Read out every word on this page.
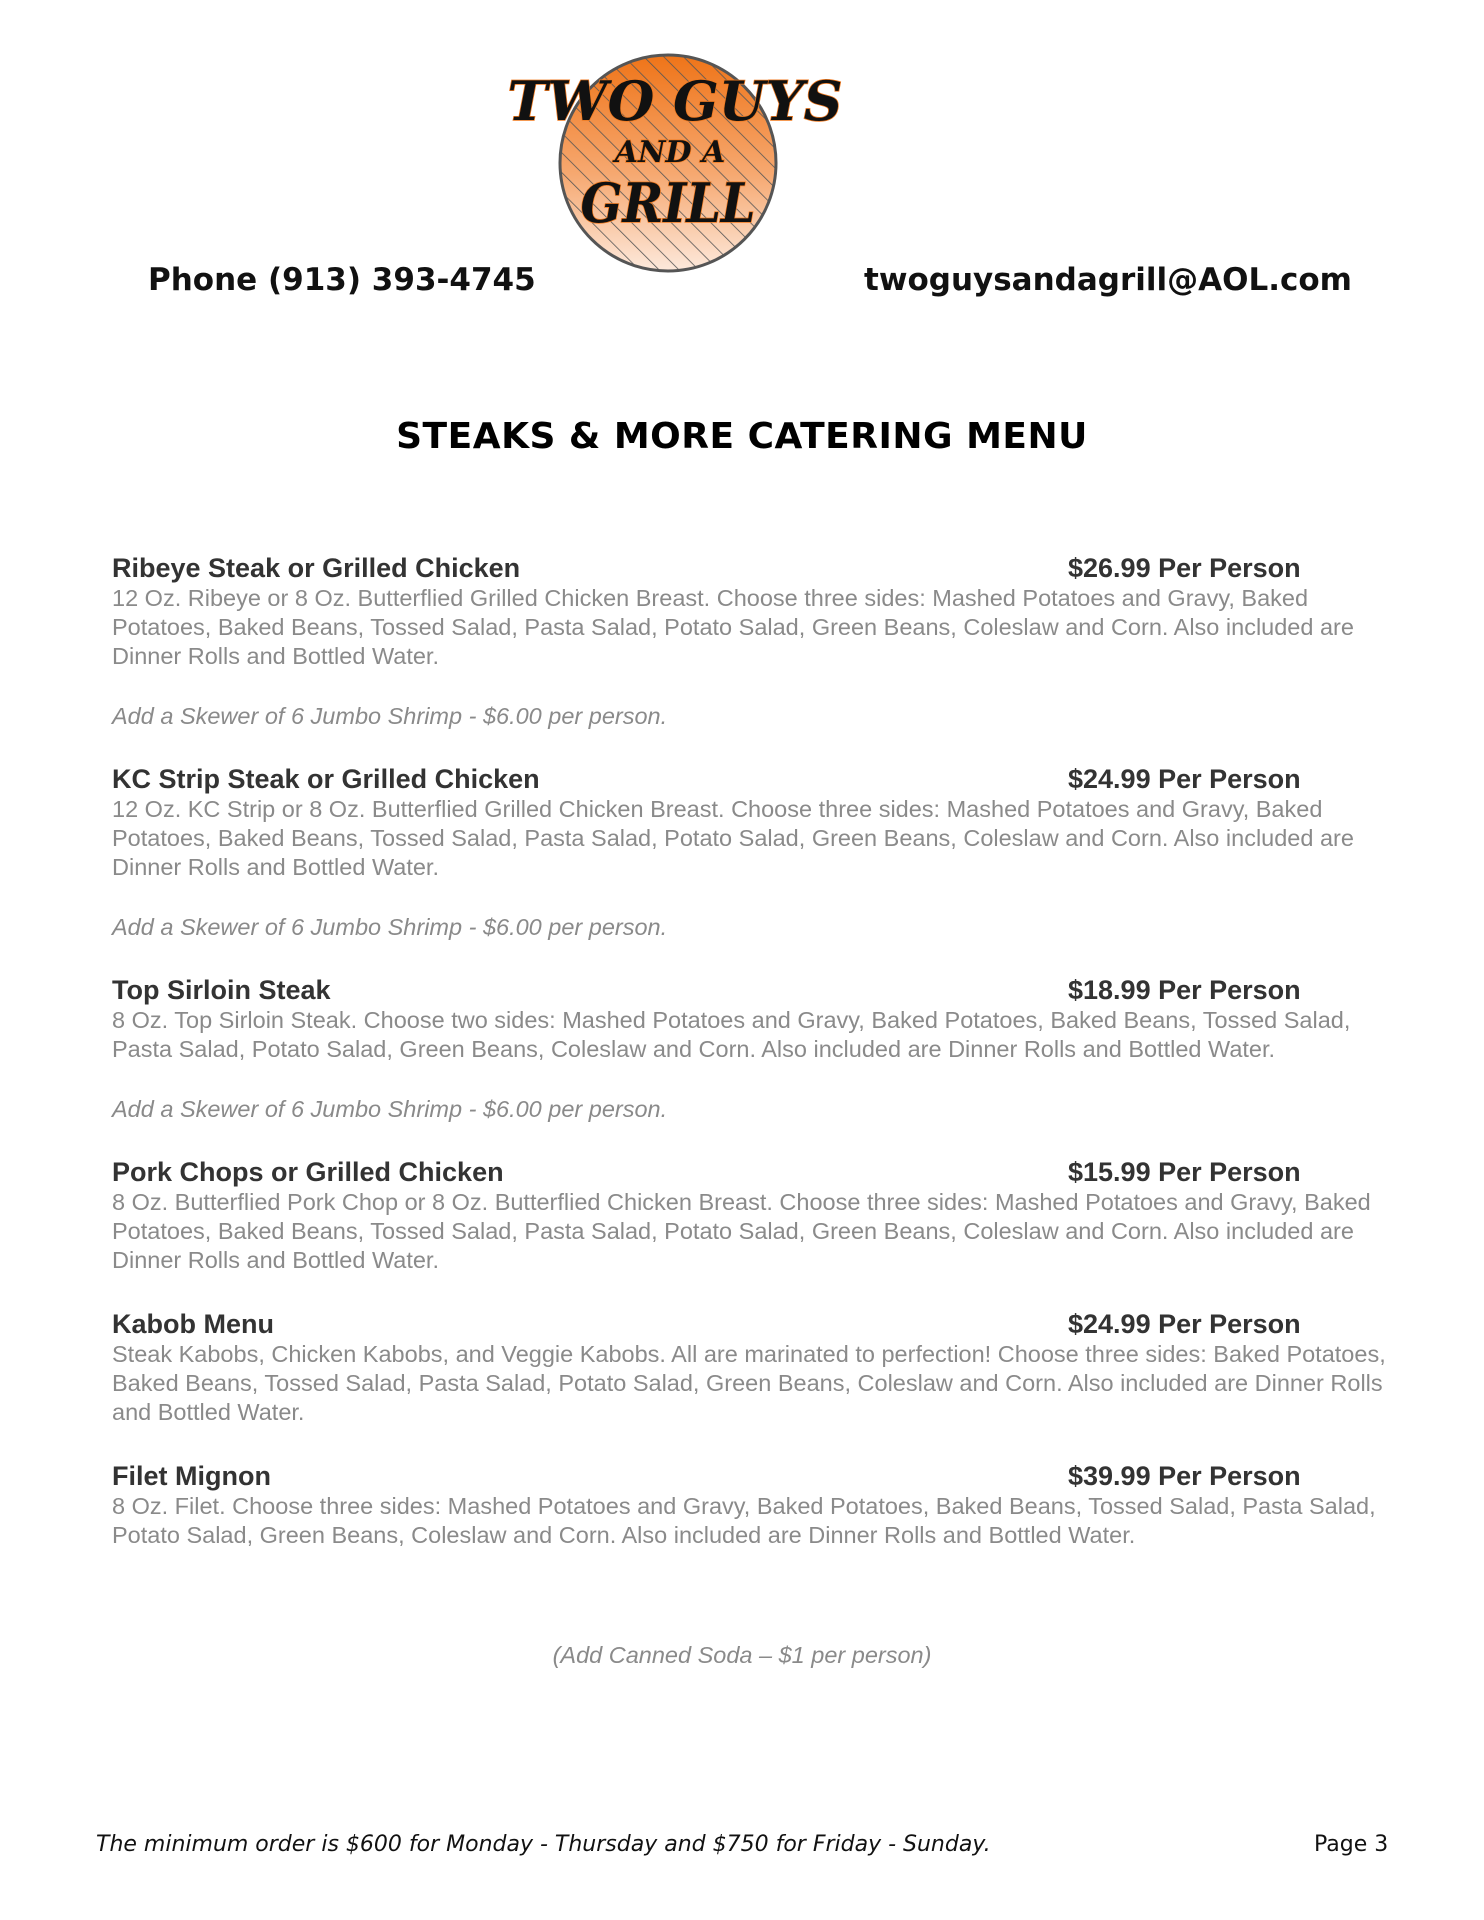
TWO GUYS
AND A
GRILL
Phone (913) 393-4745	twoguysandagrill@AOL.com
STEAKS & MORE CATERING MENU
Ribeye Steak or Grilled Chicken	$26.99 Per Person
12 Oz. Ribeye or 8 Oz. Butterflied Grilled Chicken Breast. Choose three sides: Mashed Potatoes and Gravy, Baked Potatoes, Baked Beans, Tossed Salad, Pasta Salad, Potato Salad, Green Beans, Coleslaw and Corn. Also included are Dinner Rolls and Bottled Water.
Add a Skewer of 6 Jumbo Shrimp - $6.00 per person.
KC Strip Steak or Grilled Chicken	$24.99 Per Person
12 Oz. KC Strip or 8 Oz. Butterflied Grilled Chicken Breast. Choose three sides: Mashed Potatoes and Gravy, Baked Potatoes, Baked Beans, Tossed Salad, Pasta Salad, Potato Salad, Green Beans, Coleslaw and Corn. Also included are Dinner Rolls and Bottled Water.
Add a Skewer of 6 Jumbo Shrimp - $6.00 per person.
Top Sirloin Steak	$18.99 Per Person
8 Oz. Top Sirloin Steak. Choose two sides: Mashed Potatoes and Gravy, Baked Potatoes, Baked Beans, Tossed Salad, Pasta Salad, Potato Salad, Green Beans, Coleslaw and Corn. Also included are Dinner Rolls and Bottled Water.
Add a Skewer of 6 Jumbo Shrimp - $6.00 per person.
Pork Chops or Grilled Chicken	$15.99 Per Person
8 Oz. Butterflied Pork Chop or 8 Oz. Butterflied Chicken Breast. Choose three sides: Mashed Potatoes and Gravy, Baked Potatoes, Baked Beans, Tossed Salad, Pasta Salad, Potato Salad, Green Beans, Coleslaw and Corn. Also included are Dinner Rolls and Bottled Water.
Kabob Menu	$24.99 Per Person
Steak Kabobs, Chicken Kabobs, and Veggie Kabobs. All are marinated to perfection! Choose three sides: Baked Potatoes, Baked Beans, Tossed Salad, Pasta Salad, Potato Salad, Green Beans, Coleslaw and Corn. Also included are Dinner Rolls and Bottled Water.
Filet Mignon	$39.99 Per Person
8 Oz. Filet. Choose three sides: Mashed Potatoes and Gravy, Baked Potatoes, Baked Beans, Tossed Salad, Pasta Salad, Potato Salad, Green Beans, Coleslaw and Corn. Also included are Dinner Rolls and Bottled Water.
(Add Canned Soda – $1 per person)
The minimum order is $600 for Monday - Thursday and $750 for Friday - Sunday.	Page 3
